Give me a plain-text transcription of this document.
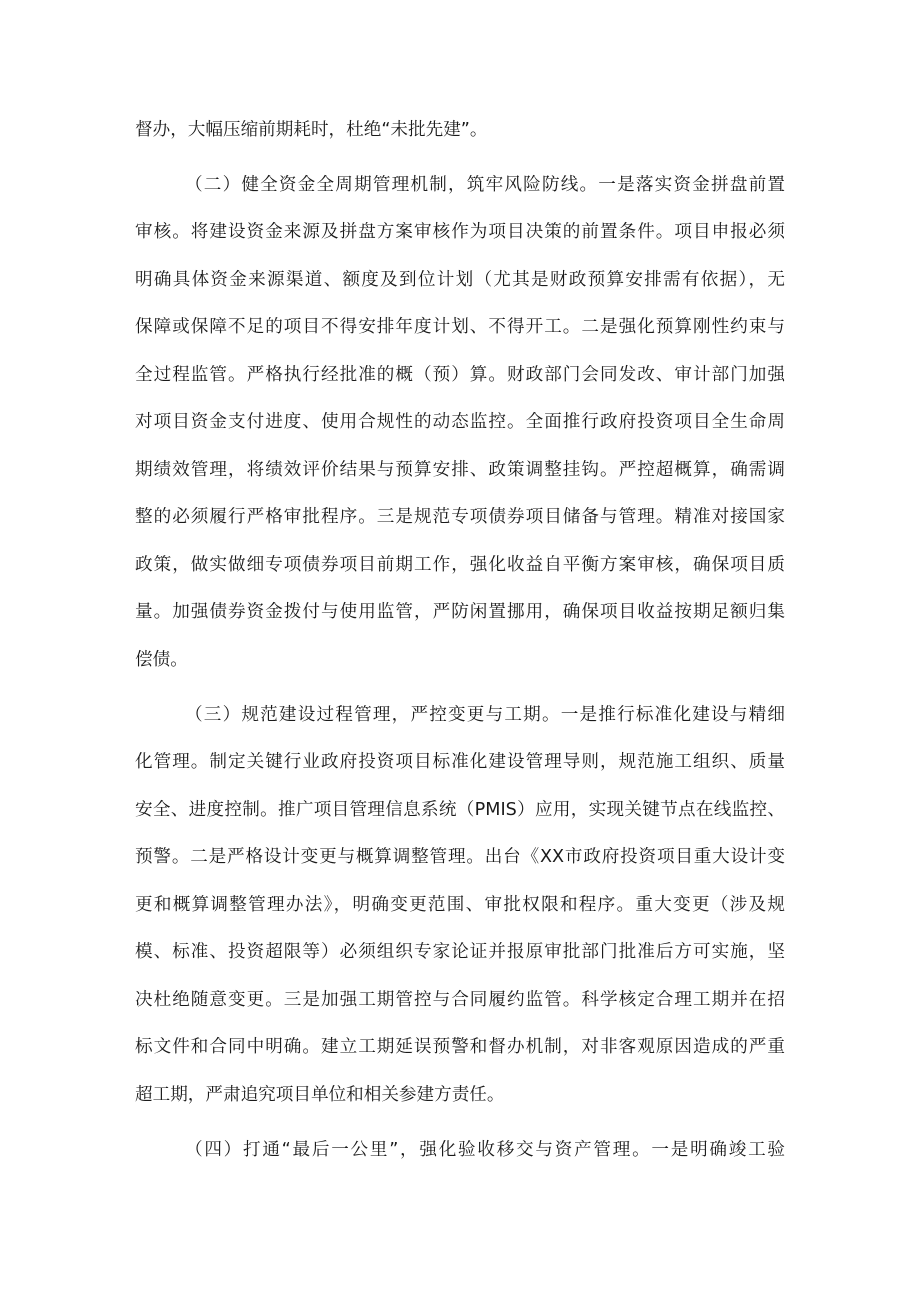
督办，大幅压缩前期耗时，杜绝“未批先建”。
（二）健全资金全周期管理机制，筑牢风险防线。一是落实资金拼盘前置
审核。将建设资金来源及拼盘方案审核作为项目决策的前置条件。项目申报必须
明确具体资金来源渠道、额度及到位计划（尤其是财政预算安排需有依据），无
保障或保障不足的项目不得安排年度计划、不得开工。二是强化预算刚性约束与
全过程监管。严格执行经批准的概（预）算。财政部门会同发改、审计部门加强
对项目资金支付进度、使用合规性的动态监控。全面推行政府投资项目全生命周
期绩效管理，将绩效评价结果与预算安排、政策调整挂钩。严控超概算，确需调
整的必须履行严格审批程序。三是规范专项债券项目储备与管理。精准对接国家
政策，做实做细专项债券项目前期工作，强化收益自平衡方案审核，确保项目质
量。加强债券资金拨付与使用监管，严防闲置挪用，确保项目收益按期足额归集
偿债。
（三）规范建设过程管理，严控变更与工期。一是推行标准化建设与精细
化管理。制定关键行业政府投资项目标准化建设管理导则，规范施工组织、质量
安全、进度控制。推广项目管理信息系统（PMIS）应用，实现关键节点在线监控、
预警。二是严格设计变更与概算调整管理。出台《XX市政府投资项目重大设计变
更和概算调整管理办法》，明确变更范围、审批权限和程序。重大变更（涉及规
模、标准、投资超限等）必须组织专家论证并报原审批部门批准后方可实施，坚
决杜绝随意变更。三是加强工期管控与合同履约监管。科学核定合理工期并在招
标文件和合同中明确。建立工期延误预警和督办机制，对非客观原因造成的严重
超工期，严肃追究项目单位和相关参建方责任。
（四）打通“最后一公里”，强化验收移交与资产管理。一是明确竣工验
